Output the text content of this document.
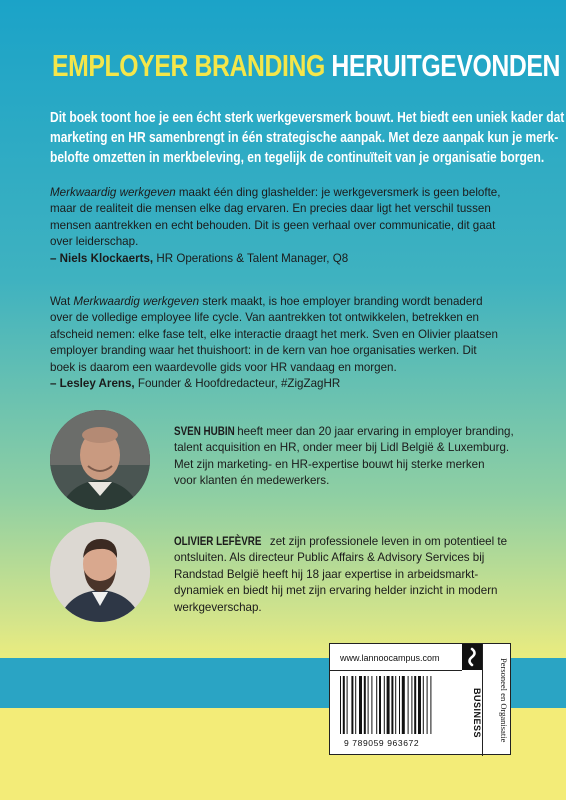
EMPLOYER BRANDING HERUITGEVONDEN

Dit boek toont hoe je een écht sterk werkgeversmerk bouwt. Het biedt een uniek kader dat

marketing en HR samenbrengt in één strategische aanpak. Met deze aanpak kun je merk-

belofte omzetten in merkbeleving, en tegelijk de continuïteit van je organisatie borgen.

Merkwaardig werkgeven maakt één ding glashelder: je werkgeversmerk is geen belofte,
maar de realiteit die mensen elke dag ervaren. En precies daar ligt het verschil tussen
mensen aantrekken en echt behouden. Dit is geen verhaal over communicatie, dit gaat
over leiderschap.
– Niels Klockaerts, HR Operations & Talent Manager, Q8
Wat Merkwaardig werkgeven sterk maakt, is hoe employer branding wordt benaderd
over de volledige employee life cycle. Van aantrekken tot ontwikkelen, betrekken en
afscheid nemen: elke fase telt, elke interactie draagt het merk. Sven en Olivier plaatsen
employer branding waar het thuishoort: in de kern van hoe organisaties werken. Dit
boek is daarom een waardevolle gids voor HR vandaag en morgen.
– Lesley Arens, Founder & Hoofdredacteur, #ZigZagHR
SVEN HUBIN heeft meer dan 20 jaar ervaring in employer branding,
talent acquisition en HR, onder meer bij Lidl België & Luxemburg.
Met zijn marketing- en HR-expertise bouwt hij sterke merken
voor klanten én medewerkers.
OLIVIER LEFÈVRE zet zijn professionele leven in om potentieel te
ontsluiten. Als directeur Public Affairs & Advisory Services bij
Randstad België heeft hij 18 jaar expertise in arbeidsmarkt-
dynamiek en biedt hij met zijn ervaring helder inzicht in modern
werkgeverschap.
www.lannoocampus.com
9 789059 963672
BUSINESS	Personeel en Organisatie
